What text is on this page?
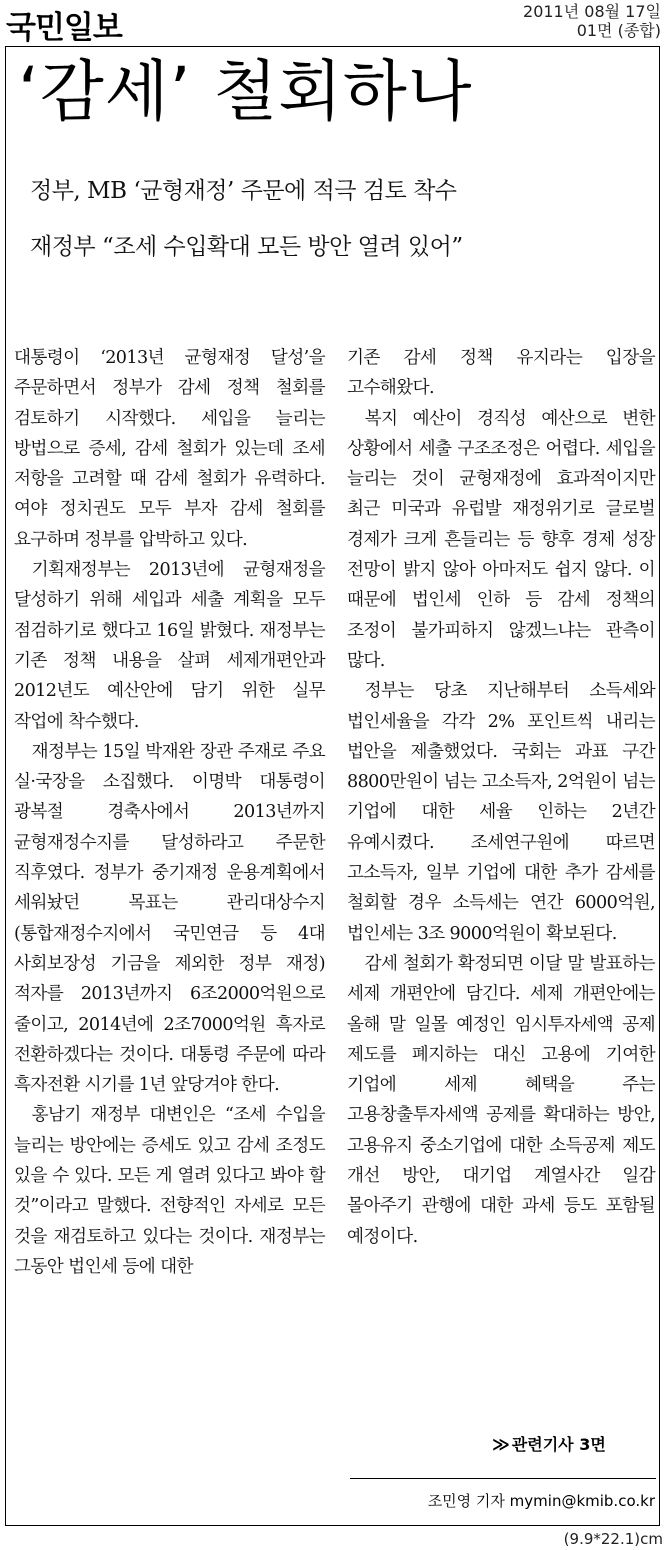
국민일보	2011년 08월 17일
01면 (종합)
‘감세’ 철회하나
정부, MB ‘균형재정’ 주문에 적극 검토 착수
재정부 “조세 수입확대 모든 방안 열려 있어”

대통령이 ‘2013년 균형재정 달성’을 주문하면서 정부가 감세 정책 철회를 검토하기 시작했다. 세입을 늘리는 방법으로 증세, 감세 철회가 있는데 조세 저항을 고려할 때 감세 철회가 유력하다. 여야 정치권도 모두 부자 감세 철회를 요구하며 정부를 압박하고 있다.

기획재정부는 2013년에 균형재정을 달성하기 위해 세입과 세출 계획을 모두 점검하기로 했다고 16일 밝혔다. 재정부는 기존 정책 내용을 살펴 세제개편안과 2012년도 예산안에 담기 위한 실무 작업에 착수했다.

재정부는 15일 박재완 장관 주재로 주요 실·국장을 소집했다. 이명박 대통령이 광복절 경축사에서 2013년까지 균형재정수지를 달성하라고 주문한 직후였다. 정부가 중기재정 운용계획에서 세워놨던 목표는 관리대상수지(통합재정수지에서 국민연금 등 4대 사회보장성 기금을 제외한 정부 재정) 적자를 2013년까지 6조2000억원으로 줄이고, 2014년에 2조7000억원 흑자로 전환하겠다는 것이다. 대통령 주문에 따라 흑자전환 시기를 1년 앞당겨야 한다.

홍남기 재정부 대변인은 “조세 수입을 늘리는 방안에는 증세도 있고 감세 조정도 있을 수 있다. 모든 게 열려 있다고 봐야 할 것”이라고 말했다. 전향적인 자세로 모든 것을 재검토하고 있다는 것이다. 재정부는 그동안 법인세 등에 대한

기존 감세 정책 유지라는 입장을 고수해왔다.

복지 예산이 경직성 예산으로 변한 상황에서 세출 구조조정은 어렵다. 세입을 늘리는 것이 균형재정에 효과적이지만 최근 미국과 유럽발 재정위기로 글로벌 경제가 크게 흔들리는 등 향후 경제 성장 전망이 밝지 않아 아마저도 쉽지 않다. 이 때문에 법인세 인하 등 감세 정책의 조정이 불가피하지 않겠느냐는 관측이 많다.

정부는 당초 지난해부터 소득세와 법인세율을 각각 2% 포인트씩 내리는 법안을 제출했었다. 국회는 과표 구간 8800만원이 넘는 고소득자, 2억원이 넘는 기업에 대한 세율 인하는 2년간 유예시켰다. 조세연구원에 따르면 고소득자, 일부 기업에 대한 추가 감세를 철회할 경우 소득세는 연간 6000억원, 법인세는 3조 9000억원이 확보된다.

감세 철회가 확정되면 이달 말 발표하는 세제 개편안에 담긴다. 세제 개편안에는 올해 말 일몰 예정인 임시투자세액 공제 제도를 폐지하는 대신 고용에 기여한 기업에 세제 혜택을 주는 고용창출투자세액 공제를 확대하는 방안, 고용유지 중소기업에 대한 소득공제 제도 개선 방안, 대기업 계열사간 일감 몰아주기 관행에 대한 과세 등도 포함될 예정이다.

≫ 관련기사 3면
조민영 기자 mymin@kmib.co.kr
(9.9*22.1)cm
